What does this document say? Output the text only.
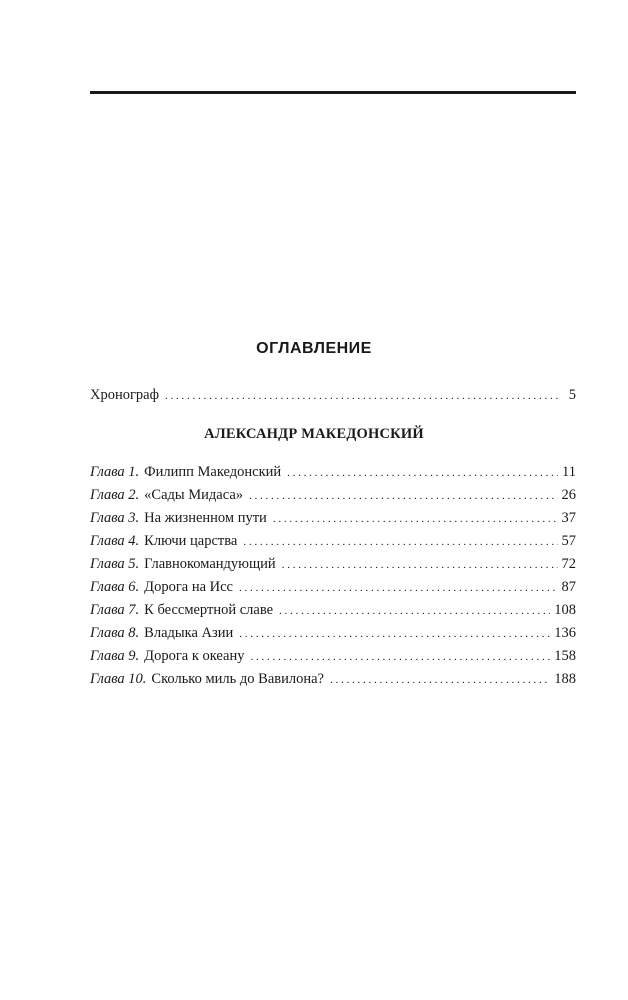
ОГЛАВЛЕНИЕ
Хронограф . . .	5
АЛЕКСАНДР МАКЕДОНСКИЙ
Глава 1. Филипп Македонский . . .	11
Глава 2. «Сады Мидаса» . . .	26
Глава 3. На жизненном пути . . .	37
Глава 4. Ключи царства . . .	57
Глава 5. Главнокомандующий . . .	72
Глава 6. Дорога на Исс . . .	87
Глава 7. К бессмертной славе . . .	108
Глава 8. Владыка Азии . . .	136
Глава 9. Дорога к океану . . .	158
Глава 10. Сколько миль до Вавилона? . . .	188
